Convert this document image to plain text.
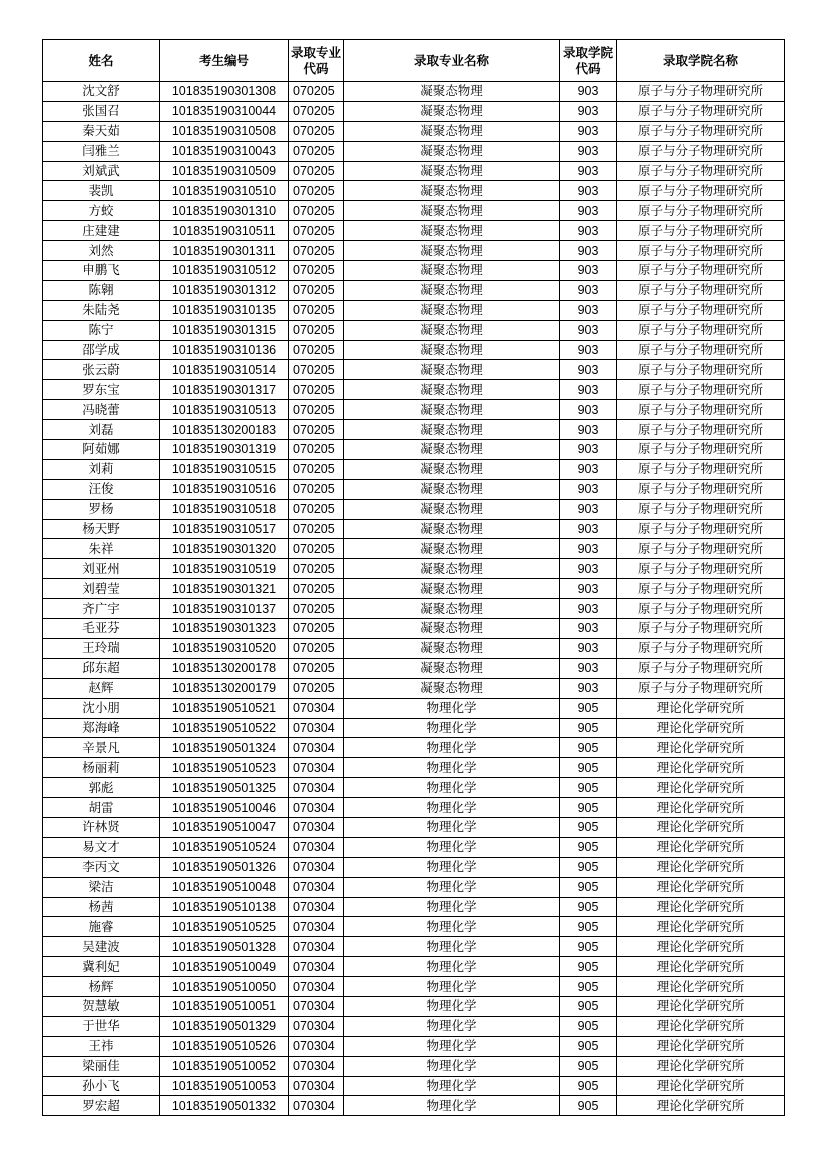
姓名	考生编号	录取专业代码	录取专业名称	录取学院代码	录取学院名称
沈文舒	101835190301308	070205	凝聚态物理	903	原子与分子物理研究所
张国召	101835190310044	070205	凝聚态物理	903	原子与分子物理研究所
秦天茹	101835190310508	070205	凝聚态物理	903	原子与分子物理研究所
闫雅兰	101835190310043	070205	凝聚态物理	903	原子与分子物理研究所
刘斌武	101835190310509	070205	凝聚态物理	903	原子与分子物理研究所
裴凯	101835190310510	070205	凝聚态物理	903	原子与分子物理研究所
方蛟	101835190301310	070205	凝聚态物理	903	原子与分子物理研究所
庄建建	101835190310511	070205	凝聚态物理	903	原子与分子物理研究所
刘然	101835190301311	070205	凝聚态物理	903	原子与分子物理研究所
申鹏飞	101835190310512	070205	凝聚态物理	903	原子与分子物理研究所
陈翱	101835190301312	070205	凝聚态物理	903	原子与分子物理研究所
朱陆尧	101835190310135	070205	凝聚态物理	903	原子与分子物理研究所
陈宁	101835190301315	070205	凝聚态物理	903	原子与分子物理研究所
邵学成	101835190310136	070205	凝聚态物理	903	原子与分子物理研究所
张云蔚	101835190310514	070205	凝聚态物理	903	原子与分子物理研究所
罗东宝	101835190301317	070205	凝聚态物理	903	原子与分子物理研究所
冯晓蕾	101835190310513	070205	凝聚态物理	903	原子与分子物理研究所
刘磊	101835130200183	070205	凝聚态物理	903	原子与分子物理研究所
阿茹娜	101835190301319	070205	凝聚态物理	903	原子与分子物理研究所
刘莉	101835190310515	070205	凝聚态物理	903	原子与分子物理研究所
汪俊	101835190310516	070205	凝聚态物理	903	原子与分子物理研究所
罗杨	101835190310518	070205	凝聚态物理	903	原子与分子物理研究所
杨天野	101835190310517	070205	凝聚态物理	903	原子与分子物理研究所
朱祥	101835190301320	070205	凝聚态物理	903	原子与分子物理研究所
刘亚州	101835190310519	070205	凝聚态物理	903	原子与分子物理研究所
刘碧莹	101835190301321	070205	凝聚态物理	903	原子与分子物理研究所
齐广宇	101835190310137	070205	凝聚态物理	903	原子与分子物理研究所
毛亚芬	101835190301323	070205	凝聚态物理	903	原子与分子物理研究所
王玲瑞	101835190310520	070205	凝聚态物理	903	原子与分子物理研究所
邱东超	101835130200178	070205	凝聚态物理	903	原子与分子物理研究所
赵辉	101835130200179	070205	凝聚态物理	903	原子与分子物理研究所
沈小朋	101835190510521	070304	物理化学	905	理论化学研究所
郑海峰	101835190510522	070304	物理化学	905	理论化学研究所
辛景凡	101835190501324	070304	物理化学	905	理论化学研究所
杨丽莉	101835190510523	070304	物理化学	905	理论化学研究所
郭彪	101835190501325	070304	物理化学	905	理论化学研究所
胡雷	101835190510046	070304	物理化学	905	理论化学研究所
许林贤	101835190510047	070304	物理化学	905	理论化学研究所
易文才	101835190510524	070304	物理化学	905	理论化学研究所
李丙文	101835190501326	070304	物理化学	905	理论化学研究所
梁洁	101835190510048	070304	物理化学	905	理论化学研究所
杨茜	101835190510138	070304	物理化学	905	理论化学研究所
施睿	101835190510525	070304	物理化学	905	理论化学研究所
吴建波	101835190501328	070304	物理化学	905	理论化学研究所
冀利妃	101835190510049	070304	物理化学	905	理论化学研究所
杨辉	101835190510050	070304	物理化学	905	理论化学研究所
贺慧敏	101835190510051	070304	物理化学	905	理论化学研究所
于世华	101835190501329	070304	物理化学	905	理论化学研究所
王祎	101835190510526	070304	物理化学	905	理论化学研究所
梁丽佳	101835190510052	070304	物理化学	905	理论化学研究所
孙小飞	101835190510053	070304	物理化学	905	理论化学研究所
罗宏超	101835190501332	070304	物理化学	905	理论化学研究所
